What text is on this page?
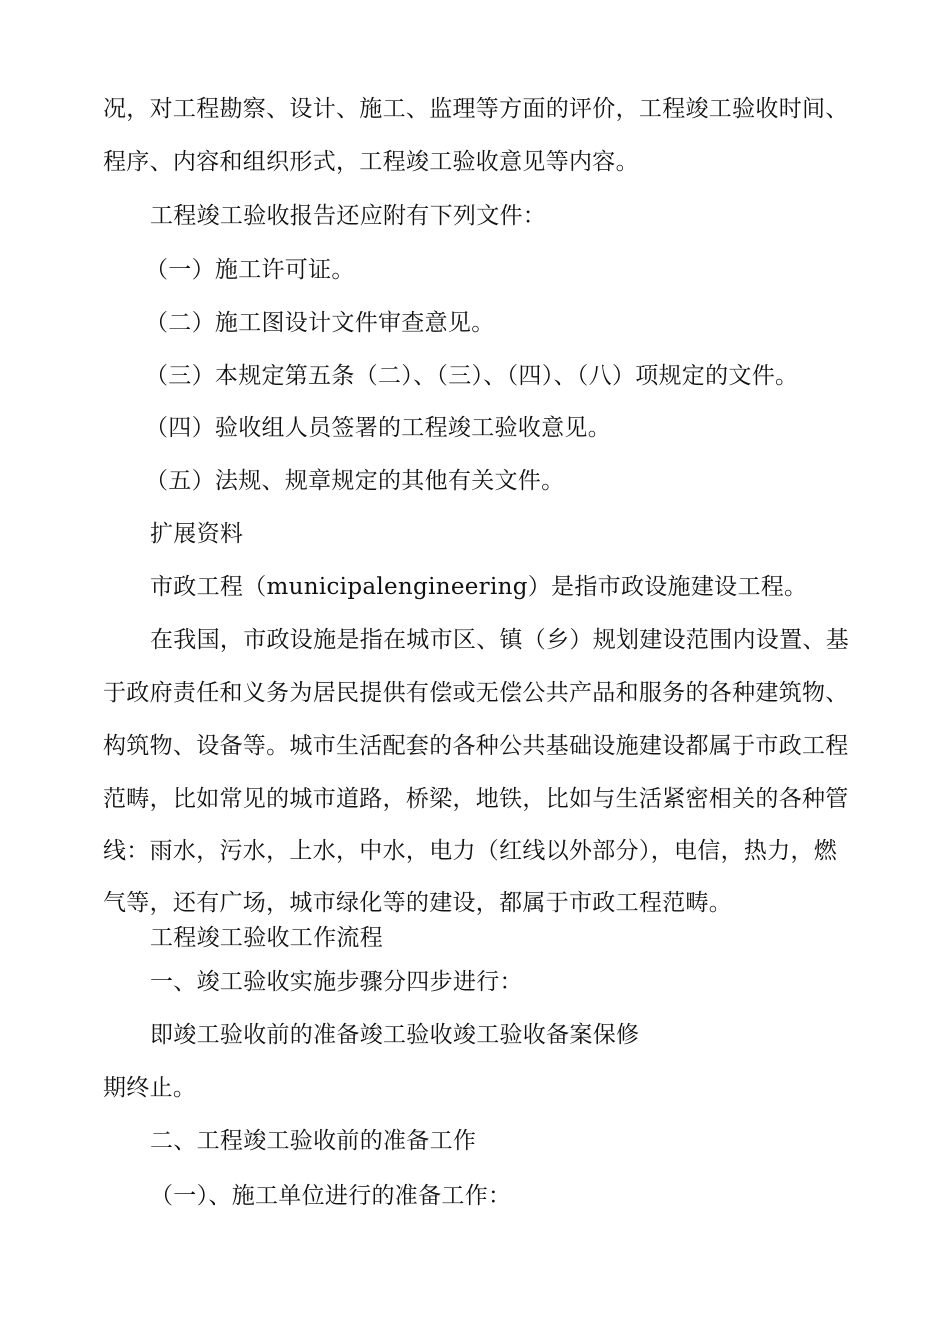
况，对工程勘察、设计、施工、监理等方面的评价，工程竣工验收时间、
程序、内容和组织形式，工程竣工验收意见等内容。
工程竣工验收报告还应附有下列文件：
（一）施工许可证。
（二）施工图设计文件审查意见。
（三）本规定第五条（二）、（三）、（四）、（八）项规定的文件。
（四）验收组人员签署的工程竣工验收意见。
（五）法规、规章规定的其他有关文件。
扩展资料
市政工程（municipalengineering）是指市政设施建设工程。
在我国，市政设施是指在城市区、镇（乡）规划建设范围内设置、基
于政府责任和义务为居民提供有偿或无偿公共产品和服务的各种建筑物、
构筑物、设备等。城市生活配套的各种公共基础设施建设都属于市政工程
范畴，比如常见的城市道路，桥梁，地铁，比如与生活紧密相关的各种管
线：雨水，污水，上水，中水，电力（红线以外部分），电信，热力，燃
气等，还有广场，城市绿化等的建设，都属于市政工程范畴。
工程竣工验收工作流程
一、竣工验收实施步骤分四步进行：
即竣工验收前的准备竣工验收竣工验收备案保修
期终止。
二、工程竣工验收前的准备工作
（一）、施工单位进行的准备工作：
